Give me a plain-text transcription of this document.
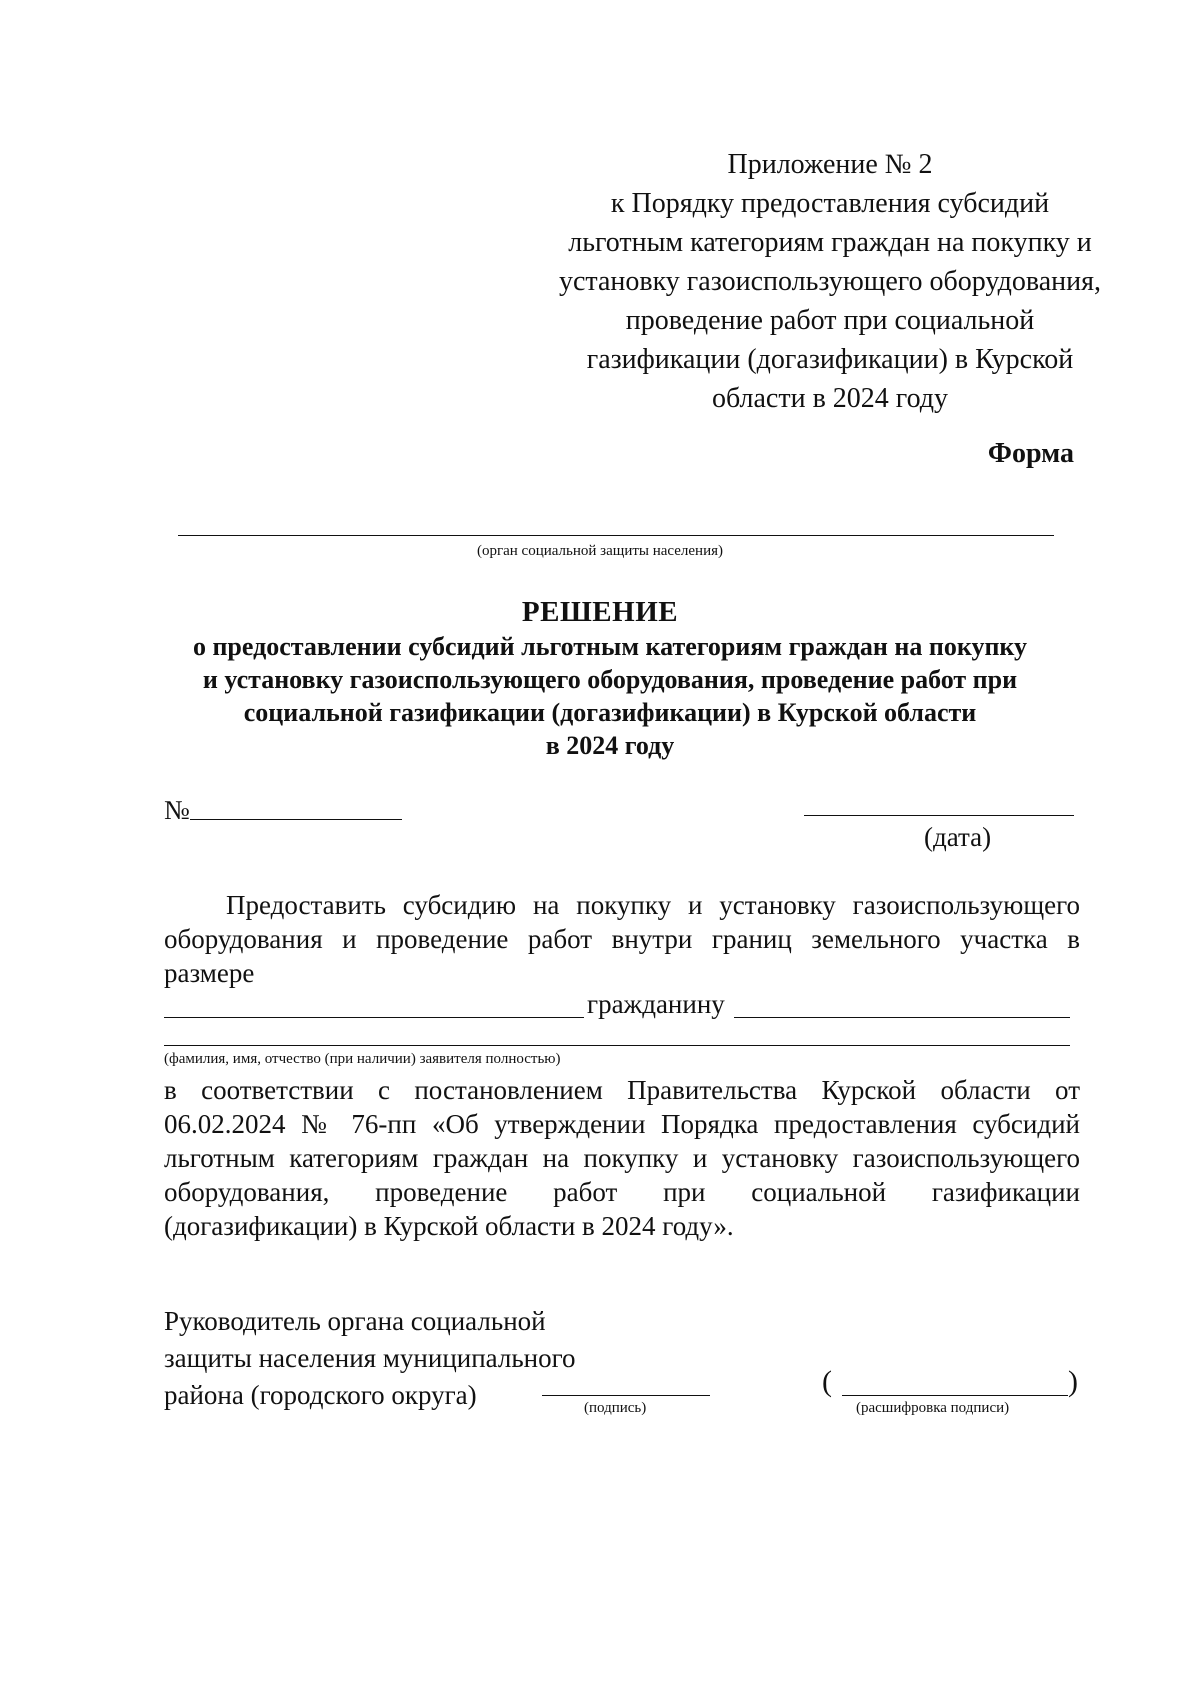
Приложение № 2
к Порядку предоставления субсидий
льготным категориям граждан на покупку и
установку газоиспользующего оборудования,
проведение работ при социальной
газификации (догазификации) в Курской
области в 2024 году
Форма
(орган социальной защиты населения)
РЕШЕНИЕ
о предоставлении субсидий льготным категориям граждан на покупку
и установку газоиспользующего оборудования, проведение работ при
социальной газификации (догазификации) в Курской области
в 2024 году
№
(дата)
Предоставить субсидию на покупку и установку газоиспользующего
оборудования и проведение работ внутри границ земельного участка в
размере
гражданину
(фамилия, имя, отчество (при наличии) заявителя полностью)
в соответствии с постановлением Правительства Курской области от
06.02.2024 № 76-пп «Об утверждении Порядка предоставления субсидий
льготным категориям граждан на покупку и установку газоиспользующего
оборудования, проведение работ при социальной газификации
(догазификации) в Курской области в 2024 году».
Руководитель органа социальной
защиты населения муниципального
района (городского округа)	(подпись)
(	)
(расшифровка подписи)
